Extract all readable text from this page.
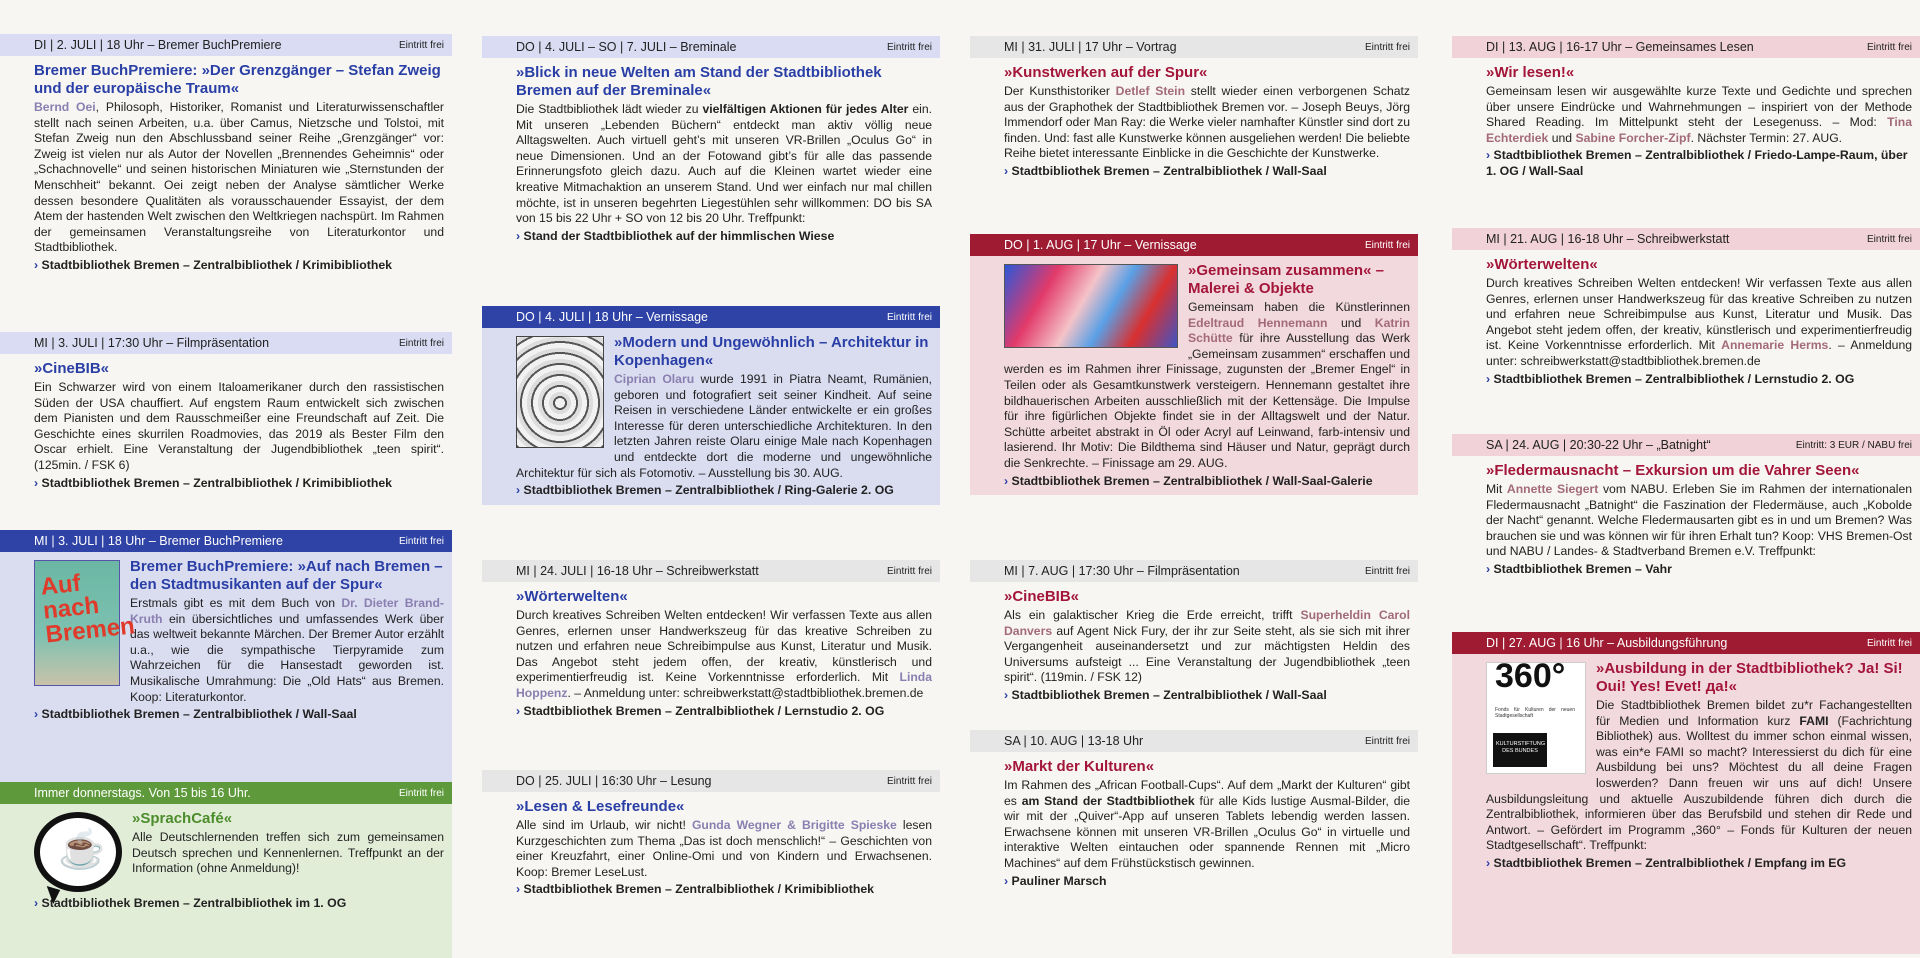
DI | 2. JULI | 18 Uhr – Bremer BuchPremiere	Eintritt frei
Bremer BuchPremiere: »Der Grenzgänger – Stefan Zweig und der europäische Traum«

Bernd Oei, Philosoph, Historiker, Romanist und Literaturwissenschaftler stellt nach seinen Arbeiten, u.a. über Camus, Nietzsche und Tolstoi, mit Stefan Zweig nun den Abschlussband seiner Reihe „Grenzgänger“ vor: Zweig ist vielen nur als Autor der Novellen „Brennendes Geheimnis“ oder „Schachnovelle“ und seinen historischen Miniaturen wie „Sternstunden der Menschheit“ bekannt. Oei zeigt neben der Analyse sämtlicher Werke dessen besondere Qualitäten als vorausschauender Essayist, der dem Atem der hastenden Welt zwischen den Weltkriegen nachspürt. Im Rahmen der gemeinsamen Veranstaltungsreihe von Literaturkontor und Stadtbibliothek.

› Stadtbibliothek Bremen – Zentralbibliothek / Krimibibliothek
MI | 3. JULI | 17:30 Uhr – Filmpräsentation	Eintritt frei
»CineBIB«

Ein Schwarzer wird von einem Italoamerikaner durch den rassistischen Süden der USA chauffiert. Auf engstem Raum entwickelt sich zwischen dem Pianisten und dem Rausschmeißer eine Freundschaft auf Zeit. Die Geschichte eines skurrilen Roadmovies, das 2019 als Bester Film den Oscar erhielt. Eine Veranstaltung der Jugendbibliothek „teen spirit“. (125min. / FSK 6)

› Stadtbibliothek Bremen – Zentralbibliothek / Krimibibliothek
MI | 3. JULI | 18 Uhr – Bremer BuchPremiere	Eintritt frei
Auf nach Bremen
Bremer BuchPremiere: »Auf nach Bremen – den Stadtmusikanten auf der Spur«

Erstmals gibt es mit dem Buch von Dr. Dieter Brand-Kruth ein übersichtliches und umfassendes Werk über das weltweit bekannte Märchen. Der Bremer Autor erzählt u.a., wie die sympathische Tierpyramide zum Wahrzeichen für die Hansestadt geworden ist. Musikalische Umrahmung: Die „Old Hats“ aus Bremen. Koop: Literaturkontor.

› Stadtbibliothek Bremen – Zentralbibliothek / Wall-Saal
Immer donnerstags. Von 15 bis 16 Uhr.	Eintritt frei
☕
»SprachCafé«

Alle Deutschlernenden treffen sich zum gemeinsamen Deutsch sprechen und Kennenlernen. Treffpunkt an der Information (ohne Anmeldung)!

› Stadtbibliothek Bremen – Zentralbibliothek im 1. OG
DO | 4. JULI – SO | 7. JULI – Breminale	Eintritt frei
»Blick in neue Welten am Stand der Stadtbibliothek Bremen auf der Breminale«

Die Stadtbibliothek lädt wieder zu vielfältigen Aktionen für jedes Alter ein. Mit unseren „Lebenden Büchern“ entdeckt man aktiv völlig neue Alltagswelten. Auch virtuell geht’s mit unseren VR-Brillen „Oculus Go“ in neue Dimensionen. Und an der Fotowand gibt’s für alle das passende Erinnerungsfoto gleich dazu. Auch auf die Kleinen wartet wieder eine kreative Mitmachaktion an unserem Stand. Und wer einfach nur mal chillen möchte, ist in unseren begehrten Liegestühlen sehr willkommen: DO bis SA von 15 bis 22 Uhr + SO von 12 bis 20 Uhr. Treffpunkt:

› Stand der Stadtbibliothek auf der himmlischen Wiese
DO | 4. JULI | 18 Uhr – Vernissage	Eintritt frei
»Modern und Ungewöhnlich – Architektur in Kopenhagen«

Ciprian Olaru wurde 1991 in Piatra Neamt, Rumänien, geboren und fotografiert seit seiner Kindheit. Auf seine Reisen in verschiedene Länder entwickelte er ein großes Interesse für deren unterschiedliche Architekturen. In den letzten Jahren reiste Olaru einige Male nach Kopenhagen und entdeckte dort die moderne und ungewöhnliche Architektur für sich als Fotomotiv. – Ausstellung bis 30. AUG.

› Stadtbibliothek Bremen – Zentralbibliothek / Ring-Galerie 2. OG
MI | 24. JULI | 16-18 Uhr – Schreibwerkstatt	Eintritt frei
»Wörterwelten«

Durch kreatives Schreiben Welten entdecken! Wir verfassen Texte aus allen Genres, erlernen unser Handwerkszeug für das kreative Schreiben zu nutzen und erfahren neue Schreibimpulse aus Kunst, Literatur und Musik. Das Angebot steht jedem offen, der kreativ, künstlerisch und experimentierfreudig ist. Keine Vorkenntnisse erforderlich. Mit Linda Hoppenz. – Anmeldung unter: schreibwerkstatt@stadtbibliothek.bremen.de

› Stadtbibliothek Bremen – Zentralbibliothek / Lernstudio 2. OG
DO | 25. JULI | 16:30 Uhr – Lesung	Eintritt frei
»Lesen & Lesefreunde«

Alle sind im Urlaub, wir nicht! Gunda Wegner & Brigitte Spieske lesen Kurzgeschichten zum Thema „Das ist doch menschlich!“ – Geschichten von einer Kreuzfahrt, einer Online-Omi und von Kindern und Erwachsenen. Koop: Bremer LeseLust.

› Stadtbibliothek Bremen – Zentralbibliothek / Krimibibliothek
MI | 31. JULI | 17 Uhr – Vortrag	Eintritt frei
»Kunstwerken auf der Spur«

Der Kunsthistoriker Detlef Stein stellt wieder einen verborgenen Schatz aus der Graphothek der Stadtbibliothek Bremen vor. – Joseph Beuys, Jörg Immendorf oder Man Ray: die Werke vieler namhafter Künstler sind dort zu finden. Und: fast alle Kunstwerke können ausgeliehen werden! Die beliebte Reihe bietet interessante Einblicke in die Geschichte der Kunstwerke.

› Stadtbibliothek Bremen – Zentralbibliothek / Wall-Saal
DO | 1. AUG | 17 Uhr – Vernissage	Eintritt frei
»Gemeinsam zusammen« – Malerei & Objekte

Gemeinsam haben die Künstlerinnen Edeltraud Hennemann und Katrin Schütte für ihre Ausstellung das Werk „Gemeinsam zusammen“ erschaffen und werden es im Rahmen ihrer Finissage, zugunsten der „Bremer Engel“ in Teilen oder als Gesamtkunstwerk versteigern. Hennemann gestaltet ihre bildhauerischen Arbeiten ausschließlich mit der Kettensäge. Die Impulse für ihre figürlichen Objekte findet sie in der Alltagswelt und der Natur. Schütte arbeitet abstrakt in Öl oder Acryl auf Leinwand, farb-intensiv und lasierend. Ihr Motiv: Die Bildthema sind Häuser und Natur, geprägt durch die Senkrechte. – Finissage am 29. AUG.

› Stadtbibliothek Bremen – Zentralbibliothek / Wall-Saal-Galerie
MI | 7. AUG | 17:30 Uhr – Filmpräsentation	Eintritt frei
»CineBIB«

Als ein galaktischer Krieg die Erde erreicht, trifft Superheldin Carol Danvers auf Agent Nick Fury, der ihr zur Seite steht, als sie sich mit ihrer Vergangenheit auseinandersetzt und zur mächtigsten Heldin des Universums aufsteigt ... Eine Veranstaltung der Jugendbibliothek „teen spirit“. (119min. / FSK 12)

› Stadtbibliothek Bremen – Zentralbibliothek / Wall-Saal
SA | 10. AUG | 13-18 Uhr	Eintritt frei
»Markt der Kulturen«

Im Rahmen des „African Football-Cups“. Auf dem „Markt der Kulturen“ gibt es am Stand der Stadtbibliothek für alle Kids lustige Ausmal-Bilder, die wir mit der „Quiver“-App auf unseren Tablets lebendig werden lassen. Erwachsene können mit unseren VR-Brillen „Oculus Go“ in virtuelle und interaktive Welten eintauchen oder spannende Rennen mit „Micro Machines“ auf dem Frühstückstisch gewinnen.

› Pauliner Marsch
DI | 13. AUG | 16-17 Uhr – Gemeinsames Lesen	Eintritt frei
»Wir lesen!«

Gemeinsam lesen wir ausgewählte kurze Texte und Gedichte und sprechen über unsere Eindrücke und Wahrnehmungen – inspiriert von der Methode Shared Reading. Im Mittelpunkt steht der Lesegenuss. – Mod: Tina Echterdiek und Sabine Forcher-Zipf. Nächster Termin: 27. AUG.

› Stadtbibliothek Bremen – Zentralbibliothek / Friedo-Lampe-Raum, über 1. OG / Wall-Saal
MI | 21. AUG | 16-18 Uhr – Schreibwerkstatt	Eintritt frei
»Wörterwelten«

Durch kreatives Schreiben Welten entdecken! Wir verfassen Texte aus allen Genres, erlernen unser Handwerkszeug für das kreative Schreiben zu nutzen und erfahren neue Schreibimpulse aus Kunst, Literatur und Musik. Das Angebot steht jedem offen, der kreativ, künstlerisch und experimentierfreudig ist. Keine Vorkenntnisse erforderlich. Mit Annemarie Herms. – Anmeldung unter: schreibwerkstatt@stadtbibliothek.bremen.de

› Stadtbibliothek Bremen – Zentralbibliothek / Lernstudio 2. OG
SA | 24. AUG | 20:30-22 Uhr – „Batnight“	Eintritt: 3 EUR / NABU frei
»Fledermausnacht – Exkursion um die Vahrer Seen«

Mit Annette Siegert vom NABU. Erleben Sie im Rahmen der internationalen Fledermausnacht „Batnight“ die Faszination der Fledermäuse, auch „Kobolde der Nacht“ genannt. Welche Fledermausarten gibt es in und um Bremen? Was brauchen sie und was können wir für ihren Erhalt tun? Koop: VHS Bremen-Ost und NABU / Landes- & Stadtverband Bremen e.V. Treffpunkt:

› Stadtbibliothek Bremen – Vahr
DI | 27. AUG | 16 Uhr – Ausbildungsführung	Eintritt frei
360°
Fonds für Kulturen der neuen Stadtgesellschaft
KULTURSTIFTUNG DES BUNDES
»Ausbildung in der Stadtbibliothek? Ja! Si! Oui! Yes! Evet! да!«

Die Stadtbibliothek Bremen bildet zu*r Fachangestellten für Medien und Information kurz FAMI (Fachrichtung Bibliothek) aus. Wolltest du immer schon einmal wissen, was ein*e FAMI so macht? Interessierst du dich für eine Ausbildung bei uns? Möchtest du all deine Fragen loswerden? Dann freuen wir uns auf dich! Unsere Ausbildungsleitung und aktuelle Auszubildende führen dich durch die Zentralbibliothek, informieren über das Berufsbild und stehen dir Rede und Antwort. – Gefördert im Programm „360° – Fonds für Kulturen der neuen Stadtgesellschaft“. Treffpunkt:

› Stadtbibliothek Bremen – Zentralbibliothek / Empfang im EG
